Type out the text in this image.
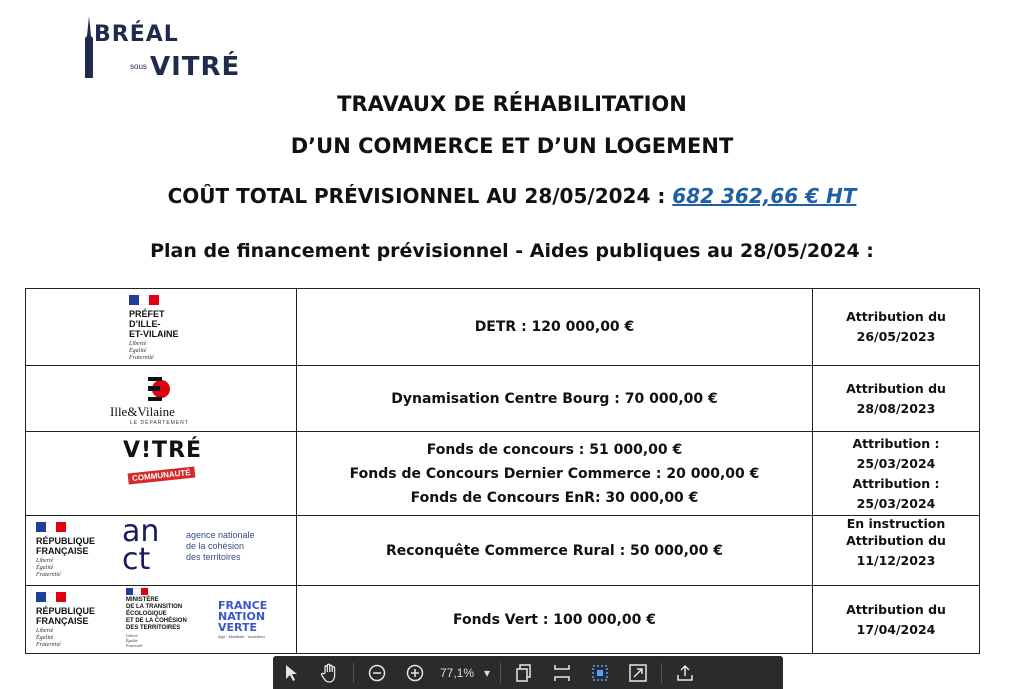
BRÉAL
sous VITRÉ
TRAVAUX DE RÉHABILITATION
D’UN COMMERCE ET D’UN LOGEMENT
COÛT TOTAL PRÉVISIONNEL AU 28/05/2024 : 682 362,66 € HT
Plan de financement prévisionnel - Aides publiques au 28/05/2024 :
PRÉFET
D’ILLE-
ET-VILAINE
Liberté
Égalité
Fraternité
DETR : 120 000,00 €
Attribution du
26/05/2023
Ille&Vilaine
LE DÉPARTEMENT
Dynamisation Centre Bourg : 70 000,00 €
Attribution du
28/08/2023
V!TRÉ
COMMUNAUTÉ
Fonds de concours : 51 000,00 €
Fonds de Concours Dernier Commerce : 20 000,00 €
Fonds de Concours EnR: 30 000,00 €
Attribution : 25/03/2024
Attribution : 25/03/2024
En instruction
RÉPUBLIQUE
FRANÇAISE
Liberté
Égalité
Fraternité
an
ct
agence nationale
de la cohésion
des territoires	Reconquête Commerce Rural : 50 000,00 €
Attribution du
11/12/2023
RÉPUBLIQUE
FRANÇAISE
Liberté
Égalité
Fraternité
MINISTÈRE
DE LA TRANSITION
ÉCOLOGIQUE
ET DE LA COHÉSION
DES TERRITOIRES
Liberté
Égalité
Fraternité
FRANCE
NATION
VERTE
Agir · Mobiliser · Accélérer
Fonds Vert : 100 000,00 €
Attribution du
17/04/2024
77,1% ▾
